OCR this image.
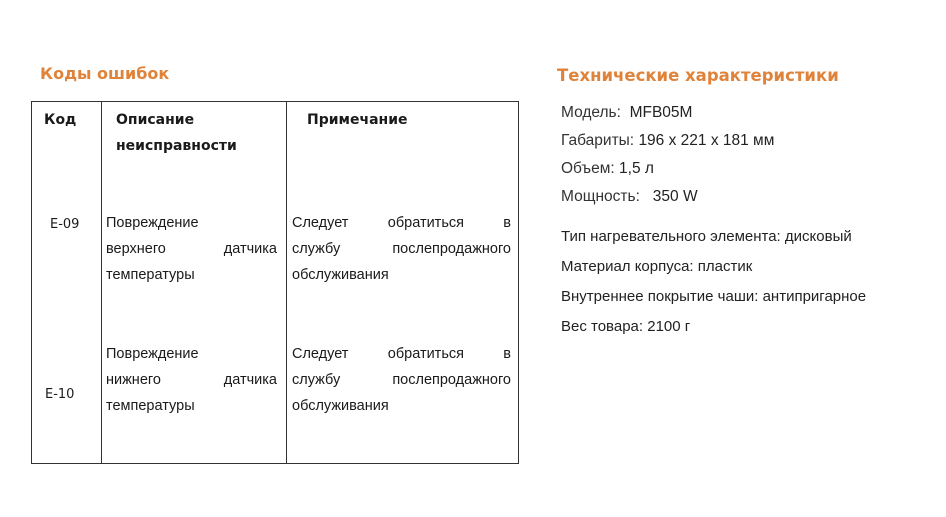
Коды ошибок
Код	Описание
неисправности
Примечание
E-09 Повреждение
верхнего датчика
температуры
Следует обратиться в
службу послепродажного
обслуживания
E-10
Повреждение
нижнего датчика
температуры
Следует обратиться в
службу послепродажного
обслуживания
Технические характеристики
Модель: MFB05M
Габариты: 196 х 221 х 181 мм
Объем: 1,5 л
Мощность: 350 W
Тип нагревательного элемента: дисковый
Материал корпуса: пластик
Внутреннее покрытие чаши: антипригарное
Вес товара: 2100 г
